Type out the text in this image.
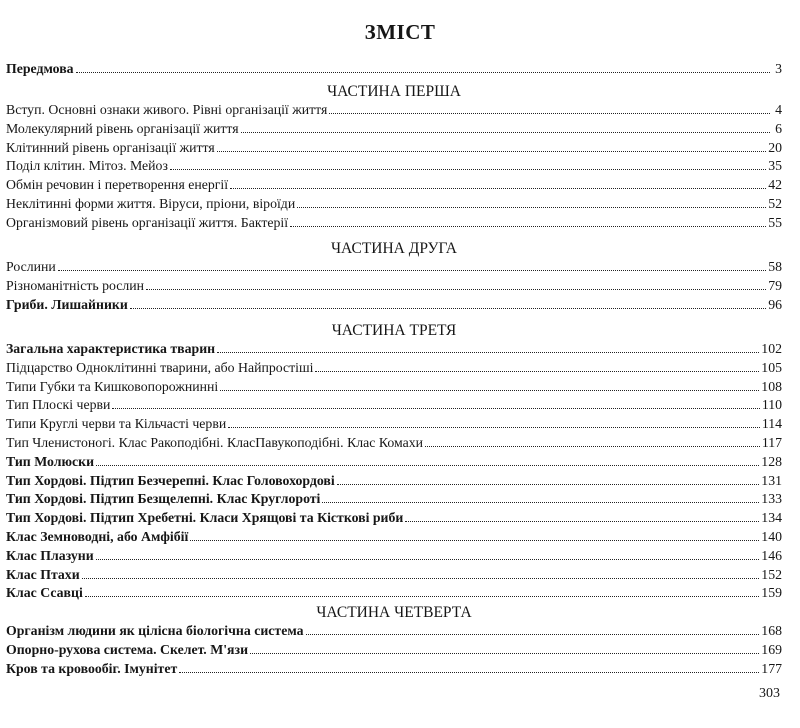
ЗМІСТ
Передмова	3
ЧАСТИНА ПЕРША
Вступ. Основні ознаки живого. Рівні організації життя	4
Молекулярний рівень організації життя	6
Клітинний рівень організації життя	20
Поділ клітин. Мітоз. Мейоз	35
Обмін речовин і перетворення енергії	42
Неклітинні форми життя. Віруси, пріони, віроїди	52
Організмовий рівень організації життя. Бактерії	55
ЧАСТИНА ДРУГА
Рослини	58
Різноманітність рослин	79
Гриби. Лишайники	96
ЧАСТИНА ТРЕТЯ
Загальна характеристика тварин	102
Підцарство Одноклітинні тварини, або Найпростіші	105
Типи Губки та Кишковопорожнинні	108
Тип Плоскі черви	110
Типи Круглі черви та Кільчасті черви	114
Тип Членистоногі. Клас Ракоподібні. КласПавукоподібні. Клас Комахи	117
Тип Молюски	128
Тип Хордові. Підтип Безчерепні. Клас Головохордові	131
Тип Хордові. Підтип Безщелепні. Клас Круглороті	133
Тип Хордові. Підтип Хребетні. Класи Хрящові та Кісткові риби	134
Клас Земноводні, або Амфібії	140
Клас Плазуни	146
Клас Птахи	152
Клас Ссавці	159
ЧАСТИНА ЧЕТВЕРТА
Організм людини як цілісна біологічна система	168
Опорно-рухова система. Скелет. М'язи	169
Кров та кровообіг. Імунітет	177
303
